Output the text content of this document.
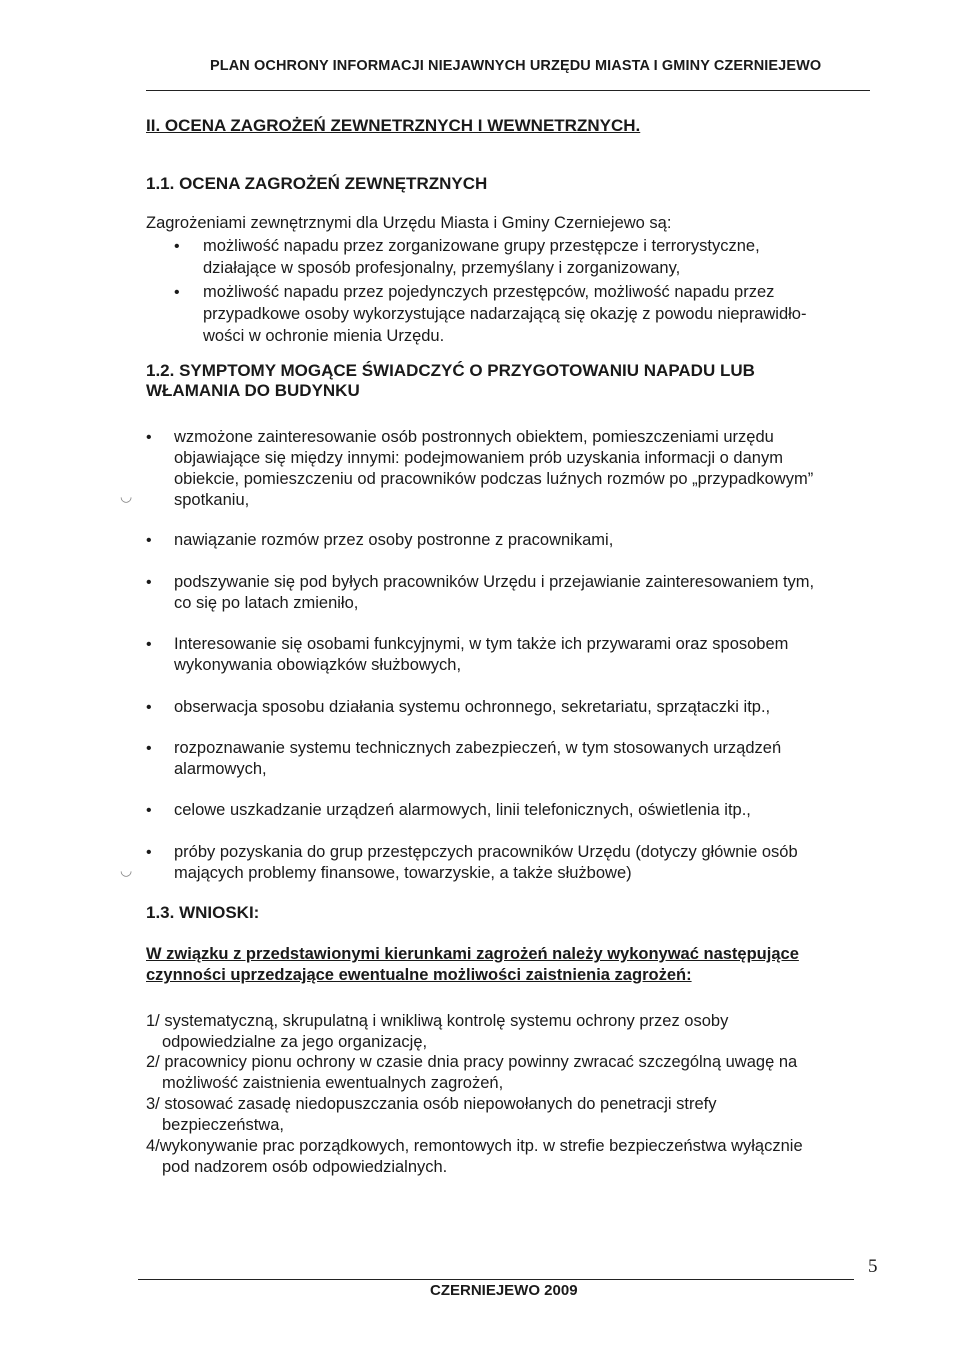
PLAN OCHRONY INFORMACJI NIEJAWNYCH URZĘDU MIASTA I GMINY CZERNIEJEWO
II. OCENA ZAGROŻEŃ ZEWNETRZNYCH I WEWNETRZNYCH.
1.1. OCENA ZAGROŻEŃ ZEWNĘTRZNYCH
Zagrożeniami zewnętrznymi dla Urzędu Miasta i Gminy Czerniejewo są:
• możliwość napadu przez zorganizowane grupy przestępcze i terrorystyczne,
działające w sposób profesjonalny, przemyślany i zorganizowany,
• możliwość napadu przez pojedynczych przestępców, możliwość napadu przez
przypadkowe osoby wykorzystujące nadarzającą się okazję z powodu nieprawidło-
wości w ochronie mienia Urzędu.
1.2. SYMPTOMY MOGĄCE ŚWIADCZYĆ O PRZYGOTOWANIU NAPADU LUB
WŁAMANIA DO BUDYNKU
• wzmożone zainteresowanie osób postronnych obiektem, pomieszczeniami urzędu
objawiające się między innymi: podejmowaniem prób uzyskania informacji o danym
obiekcie, pomieszczeniu od pracowników podczas luźnych rozmów po „przypadkowym”
spotkaniu,
• nawiązanie rozmów przez osoby postronne z pracownikami,
• podszywanie się pod byłych pracowników Urzędu i przejawianie zainteresowaniem tym,
co się po latach zmieniło,
• Interesowanie się osobami funkcyjnymi, w tym także ich przywarami oraz sposobem
wykonywania obowiązków służbowych,
• obserwacja sposobu działania systemu ochronnego, sekretariatu, sprzątaczki itp.,
• rozpoznawanie systemu technicznych zabezpieczeń, w tym stosowanych urządzeń
alarmowych,
• celowe uszkadzanie urządzeń alarmowych, linii telefonicznych, oświetlenia itp.,
• próby pozyskania do grup przestępczych pracowników Urzędu (dotyczy głównie osób
mających problemy finansowe, towarzyskie, a także służbowe)
1.3. WNIOSKI:
W związku z przedstawionymi kierunkami zagrożeń należy wykonywać następujące
czynności uprzedzające ewentualne możliwości zaistnienia zagrożeń:
1/ systematyczną, skrupulatną i wnikliwą kontrolę systemu ochrony przez osoby
odpowiedzialne za jego organizację,
2/ pracownicy pionu ochrony w czasie dnia pracy powinny zwracać szczególną uwagę na
możliwość zaistnienia ewentualnych zagrożeń,
3/ stosować zasadę niedopuszczania osób niepowołanych do penetracji strefy
bezpieczeństwa,
4/wykonywanie prac porządkowych, remontowych itp. w strefie bezpieczeństwa wyłącznie
pod nadzorem osób odpowiedzialnych.
◡
◡
5
CZERNIEJEWO 2009
